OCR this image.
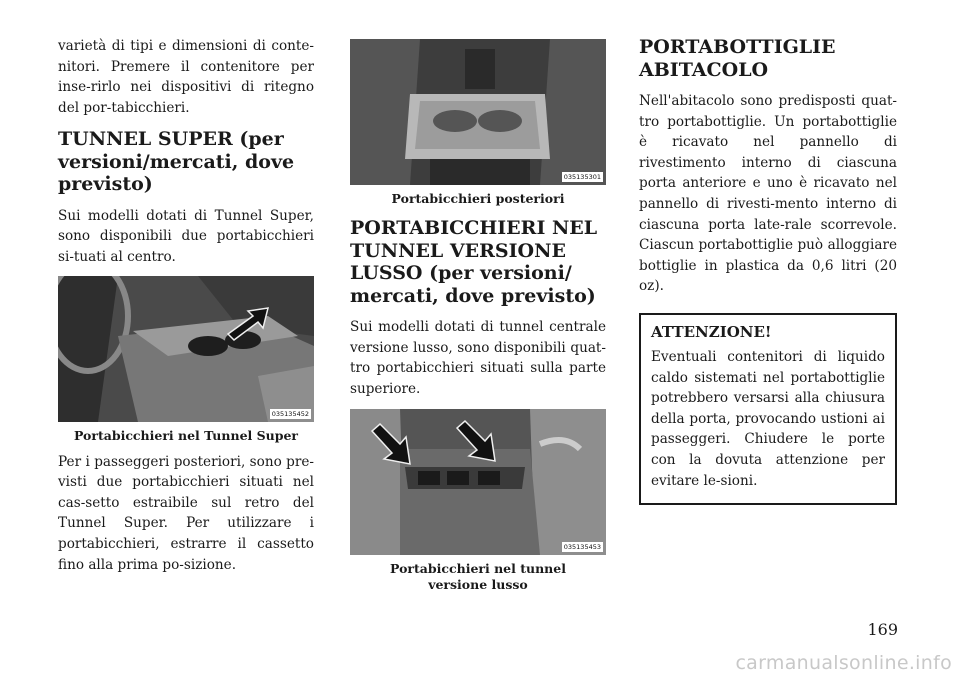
varietà di tipi e dimensioni di conte-nitori. Premere il contenitore per inse-rirlo nei dispositivi di ritegno del por-tabicchieri.

TUNNEL SUPER (per versioni/mercati, dove previsto)

Sui modelli dotati di Tunnel Super, sono disponibili due portabicchieri si-tuati al centro.

035135452
Portabicchieri nel Tunnel Super

Per i passeggeri posteriori, sono pre-visti due portabicchieri situati nel cas-setto estraibile sul retro del Tunnel Super. Per utilizzare i portabicchieri, estrarre il cassetto fino alla prima po-sizione.

035135301
Portabicchieri posteriori
PORTABICCHIERI NEL TUNNEL VERSIONE LUSSO (per versioni/ mercati, dove previsto)

Sui modelli dotati di tunnel centrale versione lusso, sono disponibili quat-tro portabicchieri situati sulla parte superiore.

035135453
Portabicchieri nel tunnel versione lusso
PORTABOTTIGLIE ABITACOLO

Nell'abitacolo sono predisposti quat-tro portabottiglie. Un portabottiglie è ricavato nel pannello di rivestimento interno di ciascuna porta anteriore e uno è ricavato nel pannello di rivesti-mento interno di ciascuna porta late-rale scorrevole. Ciascun portabottiglie può alloggiare bottiglie in plastica da 0,6 litri (20 oz).

ATTENZIONE!

Eventuali contenitori di liquido caldo sistemati nel portabottiglie potrebbero versarsi alla chiusura della porta, provocando ustioni ai passeggeri. Chiudere le porte con la dovuta attenzione per evitare le-sioni.

169
carmanualsonline.info
